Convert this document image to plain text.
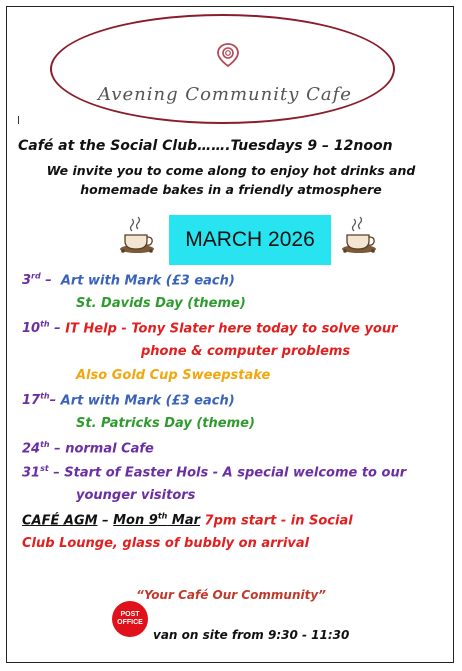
Avening Community Cafe
Café at the Social Club…….Tuesdays 9 – 12noon
We invite you to come along to enjoy hot drinks and
homemade bakes in a friendly atmosphere
MARCH 2026
3rd – Art with Mark (£3 each)
St. Davids Day (theme)
10th – IT Help - Tony Slater here today to solve your
phone & computer problems
Also Gold Cup Sweepstake
17th– Art with Mark (£3 each)
St. Patricks Day (theme)
24th – normal Cafe
31st – Start of Easter Hols - A special welcome to our
younger visitors
CAFÉ AGM – Mon 9th Mar 7pm start - in Social
Club Lounge, glass of bubbly on arrival
“Your Café Our Community”
POST
OFFICE
van on site from 9:30 - 11:30
